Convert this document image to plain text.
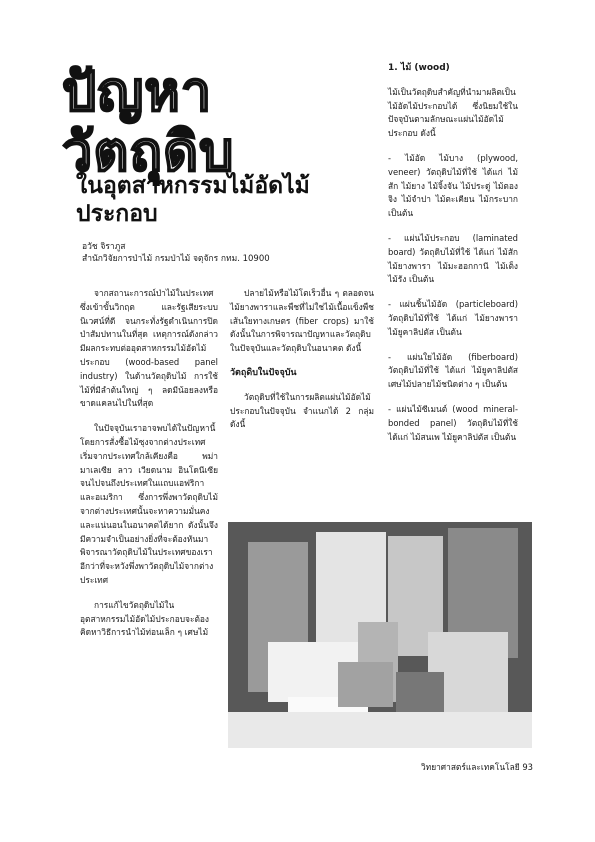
ปัญหาวัตถุดิบ
ในอุตสาหกรรมไม้อัดไม้ประกอบ
อวัช จิราภูส
สำนักวิจัยการป่าไม้ กรมป่าไม้ จตุจักร กทม. 10900

จากสถานะการณ์ป่าไม้ในประเทศซึ่งเข้าขั้นวิกฤต และรัฐเสียระบบนิเวศน์ที่ดี จนกระทั่งรัฐดำเนินการปิดป่าสัมปทานในที่สุด เหตุการณ์ดังกล่าวมีผลกระทบต่ออุตสาหกรรมไม้อัดไม้ประกอบ (wood-based panel industry) ในด้านวัตถุดิบไม้ การใช้ไม้ที่มีลำต้นใหญ่ ๆ ลดมีน้อยลงหรือขาดแคลนไปในที่สุด

ในปัจจุบันเราอาจพบได้ในปัญหานี้ โดยการสั่งซื้อไม้ซุงจากต่างประเทศ เริ่มจากประเทศใกล้เคียงคือ พม่า มาเลเซีย ลาว เวียดนาม อินโดนีเซีย จนไปจนถึงประเทศในแถบแอฟริกา และอเมริกา ซึ่งการพึ่งพาวัตถุดิบไม้จากต่างประเทศนั้นจะหาความมั่นคงและแน่นอนในอนาคตได้ยาก ดังนั้นจึงมีความจำเป็นอย่างยิ่งที่จะต้องหันมาพิจารณาวัตถุดิบไม้ในประเทศของเราอีกว่าที่จะหวังพึ่งพาวัตถุดิบไม้จากต่างประเทศ

การแก้ไขวัตถุดิบไม้ในอุตสาหกรรมไม้อัดไม้ประกอบจะต้องคิดหาวิธีการนำไม้ท่อนเล็ก ๆ เศษไม้

ปลายไม้หรือไม้โตเร็วอื่น ๆ ตลอดจนไม้ยางพาราและพืชที่ไม่ใช่ไม้เนื้อแข็งพืชเส้นใยทางเกษตร (fiber crops) มาใช้ ดังนั้นในการพิจารณาปัญหาและวัตถุดิบในปัจจุบันและวัตถุดิบในอนาคต ดังนี้

วัตถุดิบในปัจจุบัน

วัตถุดิบที่ใช้ในการผลิตแผ่นไม้อัดไม้ประกอบในปัจจุบัน จำแนกได้ 2 กลุ่ม ดังนี้

1. ไม้ (wood)

ไม้เป็นวัตถุดิบสำคัญที่นำมาผลิตเป็นไม้อัดไม้ประกอบได้ ซึ่งนิยมใช้ในปัจจุบันตามลักษณะแผ่นไม้อัดไม้ประกอบ ดังนี้

- ไม้อัด ไม้บาง (plywood, veneer) วัตถุดิบไม้ที่ใช้ ได้แก่ ไม้สัก ไม้ยาง ไม้จิ้งจัน ไม้ประดู่ ไม้ตองจิง ไม้จำปา ไม้ตะเคียน ไม้กระบาก เป็นต้น

- แผ่นไม้ประกอบ (laminated board) วัตถุดิบไม้ที่ใช้ ได้แก่ ไม้สัก ไม้ยางพารา ไม้มะฮอกกานี ไม้เต็ง ไม้รัง เป็นต้น

- แผ่นชิ้นไม้อัด (particleboard) วัตถุดิบไม้ที่ใช้ ได้แก่ ไม้ยางพารา ไม้ยูคาลิปตัส เป็นต้น

- แผ่นใยไม้อัด (fiberboard) วัตถุดิบไม้ที่ใช้ ได้แก่ ไม้ยูคาลิปตัส เศษไม้ปลายไม้ชนิดต่าง ๆ เป็นต้น

- แผ่นไม้ซีเมนต์ (wood mineral-bonded panel) วัตถุดิบไม้ที่ใช้ ได้แก่ ไม้สนเพ ไม้ยูคาลิปตัส เป็นต้น

วิทยาศาสตร์และเทคโนโลยี 93
